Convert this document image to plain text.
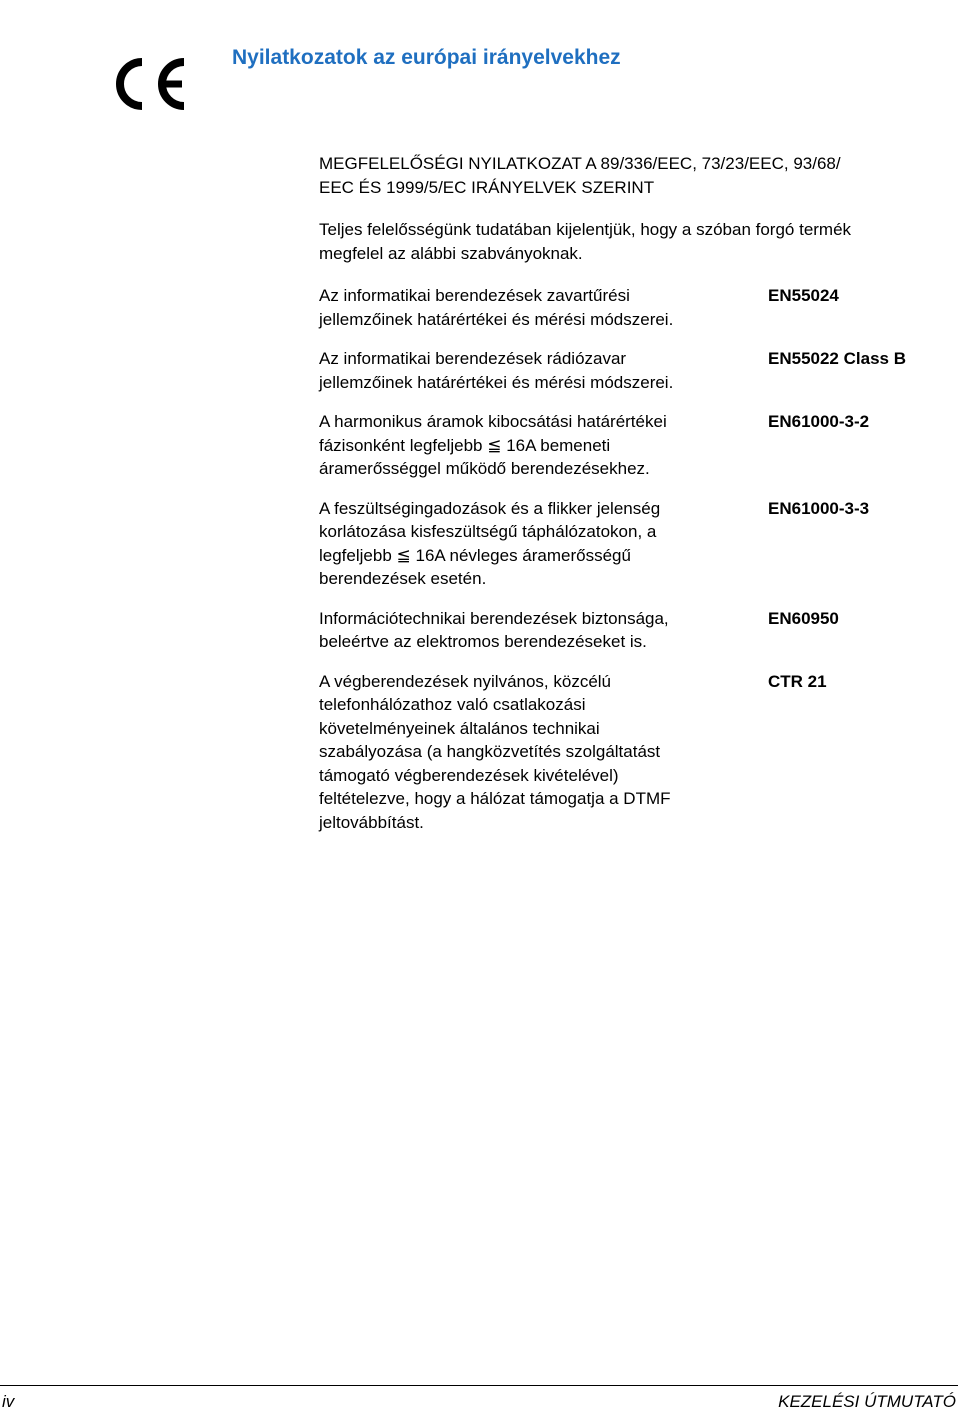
Nyilatkozatok az európai irányelvekhez

MEGFELELŐSÉGI NYILATKOZAT A 89/336/EEC, 73/23/EEC, 93/68/
EEC ÉS 1999/5/EC IRÁNYELVEK SZERINT

Teljes felelősségünk tudatában kijelentjük, hogy a szóban forgó termék
megfelel az alábbi szabványoknak.

Az informatikai berendezések zavartűrési
jellemzőinek határértékei és mérési módszerei.
EN55024
Az informatikai berendezések rádiózavar
jellemzőinek határértékei és mérési módszerei.
EN55022 Class B
A harmonikus áramok kibocsátási határértékei
fázisonként legfeljebb ≦ 16A bemeneti
áramerősséggel működő berendezésekhez.
EN61000-3-2
A feszültségingadozások és a flikker jelenség
korlátozása kisfeszültségű táphálózatokon, a
legfeljebb ≦ 16A névleges áramerősségű
berendezések esetén.
EN61000-3-3
Információtechnikai berendezések biztonsága,
beleértve az elektromos berendezéseket is.
EN60950
A végberendezések nyilvános, közcélú
telefonhálózathoz való csatlakozási
követelményeinek általános technikai
szabályozása (a hangközvetítés szolgáltatást
támogató végberendezések kivételével)
feltételezve, hogy a hálózat támogatja a DTMF
jeltovábbítást.
CTR 21
iv	KEZELÉSI ÚTMUTATÓ
